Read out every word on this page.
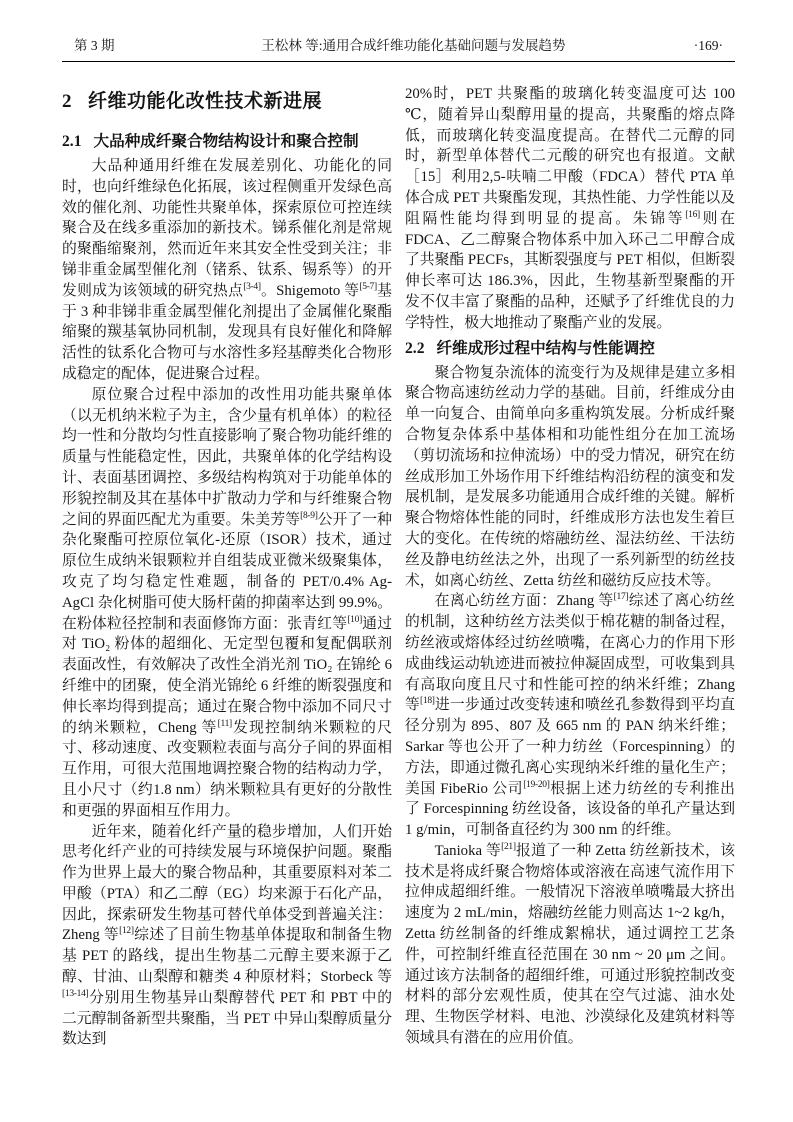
第 3 期	王松林 等:通用合成纤维功能化基础问题与发展趋势	·169·
2 纤维功能化改性技术新进展
2.1 大品种成纤聚合物结构设计和聚合控制

大品种通用纤维在发展差别化、功能化的同时，也向纤维绿色化拓展，该过程侧重开发绿色高效的催化剂、功能性共聚单体，探索原位可控连续聚合及在线多重添加的新技术。锑系催化剂是常规的聚酯缩聚剂，然而近年来其安全性受到关注；非锑非重金属型催化剂（锗系、钛系、锡系等）的开发则成为该领域的研究热点[3-4]。Shigemoto 等[5-7]基于 3 种非锑非重金属型催化剂提出了金属催化聚酯缩聚的羰基氧协同机制，发现具有良好催化和降解活性的钛系化合物可与水溶性多羟基醇类化合物形成稳定的配体，促进聚合过程。

原位聚合过程中添加的改性用功能共聚单体（以无机纳米粒子为主，含少量有机单体）的粒径均一性和分散均匀性直接影响了聚合物功能纤维的质量与性能稳定性，因此，共聚单体的化学结构设计、表面基团调控、多级结构构筑对于功能单体的形貌控制及其在基体中扩散动力学和与纤维聚合物之间的界面匹配尤为重要。朱美芳等[8-9]公开了一种杂化聚酯可控原位氧化-还原（ISOR）技术，通过原位生成纳米银颗粒并自组装成亚微米级聚集体，攻克了均匀稳定性难题，制备的 PET/0.4% Ag-AgCl 杂化树脂可使大肠杆菌的抑菌率达到 99.9%。在粉体粒径控制和表面修饰方面：张青红等[10]通过对 TiO₂ 粉体的超细化、无定型包覆和复配偶联剂表面改性，有效解决了改性全消光剂 TiO₂ 在锦纶 6 纤维中的团聚，使全消光锦纶 6 纤维的断裂强度和伸长率均得到提高；通过在聚合物中添加不同尺寸的纳米颗粒，Cheng 等[11]发现控制纳米颗粒的尺寸、移动速度、改变颗粒表面与高分子间的界面相互作用，可很大范围地调控聚合物的结构动力学，且小尺寸（约1.8 nm）纳米颗粒具有更好的分散性和更强的界面相互作用力。

近年来，随着化纤产量的稳步增加，人们开始思考化纤产业的可持续发展与环境保护问题。聚酯作为世界上最大的聚合物品种，其重要原料对苯二甲酸（PTA）和乙二醇（EG）均来源于石化产品，因此，探索研发生物基可替代单体受到普遍关注：Zheng 等[12]综述了目前生物基单体提取和制备生物基 PET 的路线，提出生物基二元醇主要来源于乙醇、甘油、山梨醇和糖类 4 种原材料；Storbeck 等[13-14]分别用生物基异山梨醇替代 PET 和 PBT 中的二元醇制备新型共聚酯，当 PET 中异山梨醇质量分数达到

20%时，PET 共聚酯的玻璃化转变温度可达 100 ℃，随着异山梨醇用量的提高，共聚酯的熔点降低，而玻璃化转变温度提高。在替代二元醇的同时，新型单体替代二元酸的研究也有报道。文献［15］利用2,5-呋喃二甲酸（FDCA）替代 PTA 单体合成 PET 共聚酯发现，其热性能、力学性能以及阻隔性能均得到明显的提高。朱锦等[16]则在 FDCA、乙二醇聚合物体系中加入环己二甲醇合成了共聚酯 PECFs，其断裂强度与 PET 相似，但断裂伸长率可达 186.3%，因此，生物基新型聚酯的开发不仅丰富了聚酯的品种，还赋予了纤维优良的力学特性，极大地推动了聚酯产业的发展。

2.2 纤维成形过程中结构与性能调控

聚合物复杂流体的流变行为及规律是建立多相聚合物高速纺丝动力学的基础。目前，纤维成分由单一向复合、由简单向多重构筑发展。分析成纤聚合物复杂体系中基体相和功能性组分在加工流场（剪切流场和拉伸流场）中的受力情况，研究在纺丝成形加工外场作用下纤维结构沿纺程的演变和发展机制，是发展多功能通用合成纤维的关键。解析聚合物熔体性能的同时，纤维成形方法也发生着巨大的变化。在传统的熔融纺丝、湿法纺丝、干法纺丝及静电纺丝法之外，出现了一系列新型的纺丝技术，如离心纺丝、Zetta 纺丝和磁纺反应技术等。

在离心纺丝方面：Zhang 等[17]综述了离心纺丝的机制，这种纺丝方法类似于棉花糖的制备过程，纺丝液或熔体经过纺丝喷嘴，在离心力的作用下形成曲线运动轨迹进而被拉伸凝固成型，可收集到具有高取向度且尺寸和性能可控的纳米纤维；Zhang 等[18]进一步通过改变转速和喷丝孔参数得到平均直径分别为 895、807 及 665 nm 的 PAN 纳米纤维；Sarkar 等也公开了一种力纺丝（Forcespinning）的方法，即通过微孔离心实现纳米纤维的量化生产；美国 FibeRio 公司[19-20]根据上述力纺丝的专利推出了 Forcespinning 纺丝设备，该设备的单孔产量达到 1 g/min，可制备直径约为 300 nm 的纤维。

Tanioka 等[21]报道了一种 Zetta 纺丝新技术，该技术是将成纤聚合物熔体或溶液在高速气流作用下拉伸成超细纤维。一般情况下溶液单喷嘴最大挤出速度为 2 mL/min，熔融纺丝能力则高达 1~2 kg/h，Zetta 纺丝制备的纤维成絮棉状，通过调控工艺条件，可控制纤维直径范围在 30 nm ~ 20 μm 之间。通过该方法制备的超细纤维，可通过形貌控制改变材料的部分宏观性质，使其在空气过滤、油水处理、生物医学材料、电池、沙漠绿化及建筑材料等领域具有潜在的应用价值。
